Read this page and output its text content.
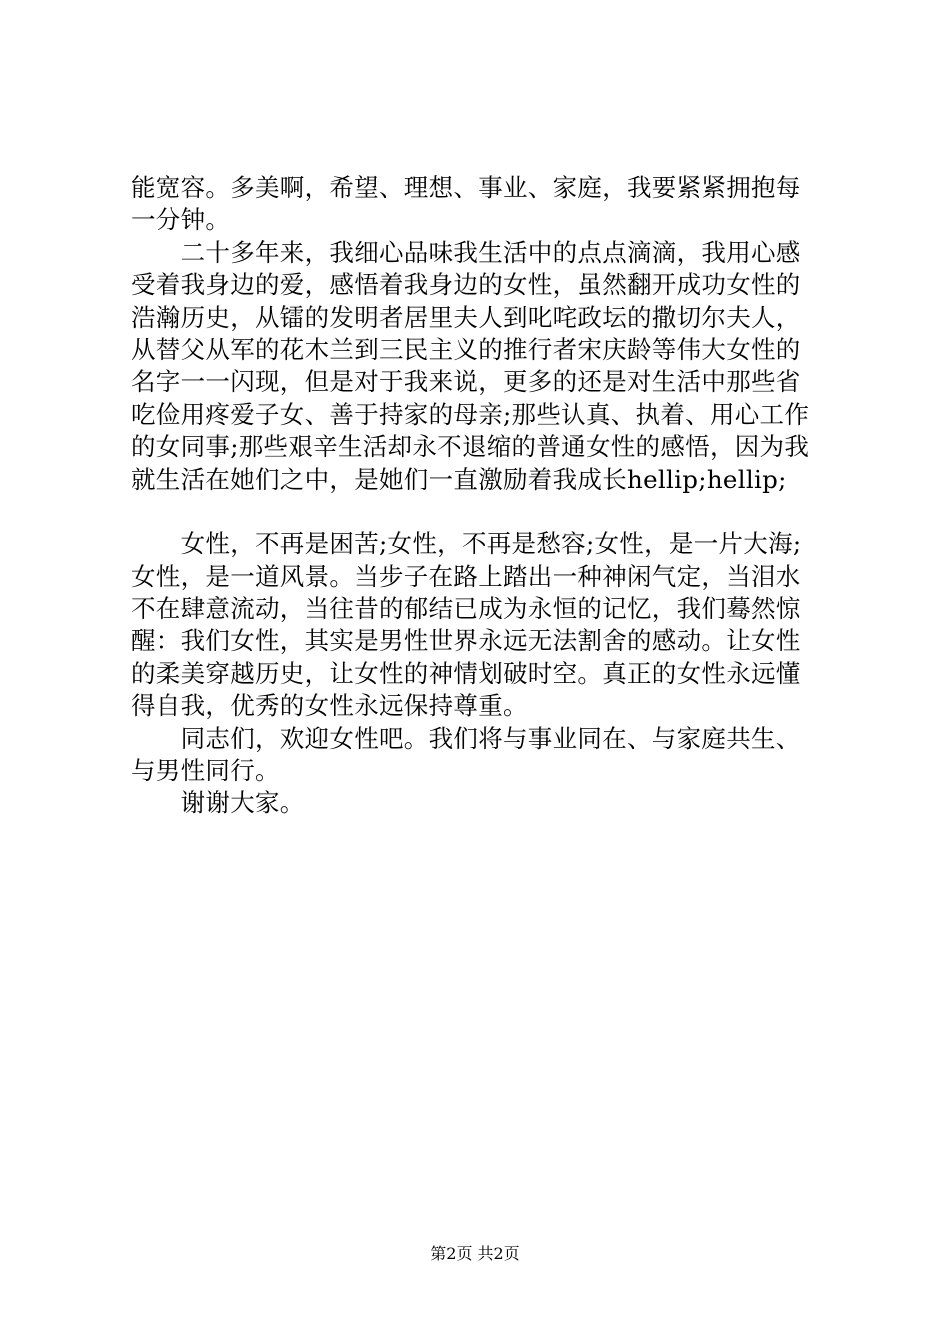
能宽容。多美啊，希望、理想、事业、家庭，我要紧紧拥抱每
一分钟。
　　二十多年来，我细心品味我生活中的点点滴滴，我用心感
受着我身边的爱，感悟着我身边的女性，虽然翻开成功女性的
浩瀚历史，从镭的发明者居里夫人到叱咤政坛的撒切尔夫人，
从替父从军的花木兰到三民主义的推行者宋庆龄等伟大女性的
名字一一闪现，但是对于我来说，更多的还是对生活中那些省
吃俭用疼爱子女、善于持家的母亲;那些认真、执着、用心工作
的女同事;那些艰辛生活却永不退缩的普通女性的感悟，因为我
就生活在她们之中，是她们一直激励着我成长hellip;hellip;
　　女性，不再是困苦;女性，不再是愁容;女性，是一片大海;
女性，是一道风景。当步子在路上踏出一种神闲气定，当泪水
不在肆意流动，当往昔的郁结已成为永恒的记忆，我们蓦然惊
醒：我们女性，其实是男性世界永远无法割舍的感动。让女性
的柔美穿越历史，让女性的神情划破时空。真正的女性永远懂
得自我，优秀的女性永远保持尊重。
　　同志们，欢迎女性吧。我们将与事业同在、与家庭共生、
与男性同行。
　　谢谢大家。
第2页 共2页
